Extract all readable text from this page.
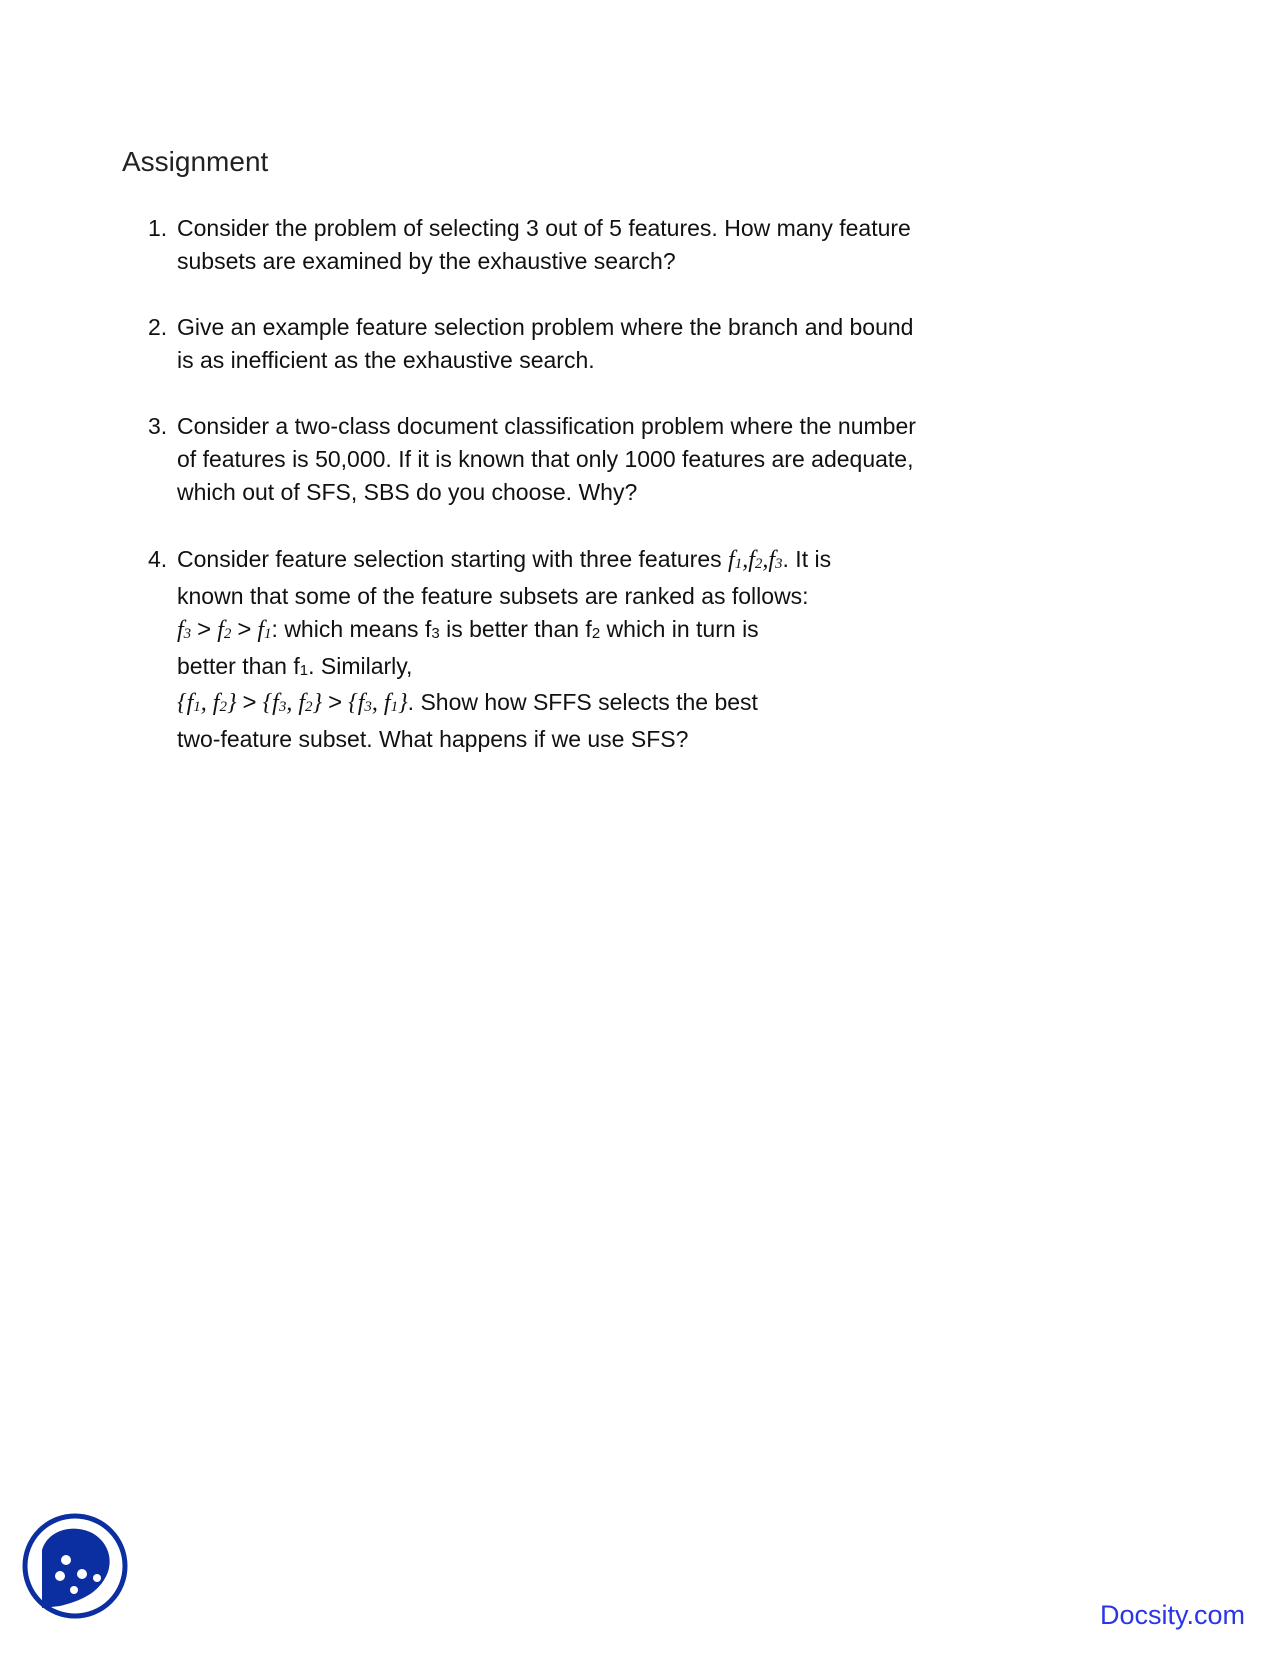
Assignment
1. Consider the problem of selecting 3 out of 5 features. How many feature
subsets are examined by the exhaustive search?
2. Give an example feature selection problem where the branch and bound
is as inefficient as the exhaustive search.
3. Consider a two-class document classification problem where the number
of features is 50,000. If it is known that only 1000 features are adequate,
which out of SFS, SBS do you choose. Why?
4. Consider feature selection starting with three features $f_1,f_2,f_3$. It is
known that some of the feature subsets are ranked as follows:
$f_3 > f_2 > f_1$: which means $f_3$ is better than $f_2$ which in turn is
better than $f_1$. Similarly,
{$f_1$, $f_2\} > \{f_3$, $f_2\} > \{f_3$, $f_1$}. Show how SFFS selects the best
two-feature subset. What happens if we use SFS?
Docsity.com
